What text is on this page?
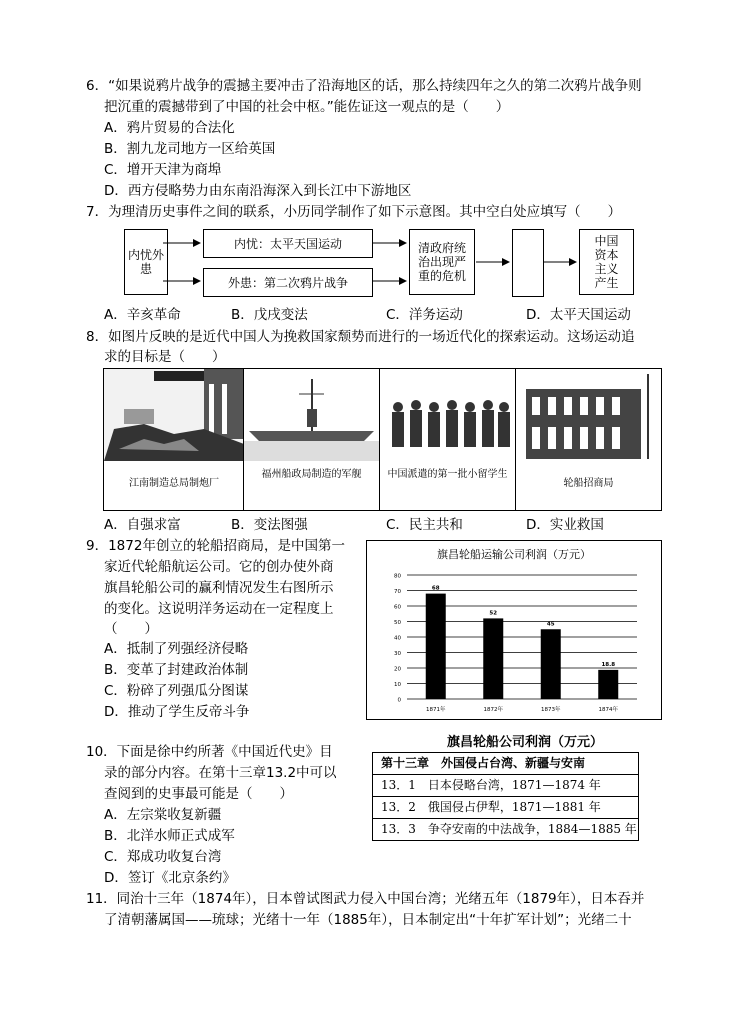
6．“如果说鸦片战争的震撼主要冲击了沿海地区的话，那么持续四年之久的第二次鸦片战争则
把沉重的震撼带到了中国的社会中枢。”能佐证这一观点的是（　　）
A．鸦片贸易的合法化
B．割九龙司地方一区给英国
C．增开天津为商埠
D．西方侵略势力由东南沿海深入到长江中下游地区
7．为理清历史事件之间的联系，小历同学制作了如下示意图。其中空白处应填写（　　）
内忧外患
内忧：太平天国运动
外患：第二次鸦片战争
清政府统治出现严重的危机
中国资本主义产生
A．辛亥革命	B．戊戌变法	C．洋务运动	D．太平天国运动
8．如图片反映的是近代中国人为挽救国家颓势而进行的一场近代化的探索运动。这场运动追
求的目标是（　　）
江南制造总局制炮厂
福州船政局制造的军舰	中国派遣的第一批小留学生
轮船招商局
A．自强求富	B．变法图强	C．民主共和	D．实业救国
9．1872年创立的轮船招商局，是中国第一
家近代轮船航运公司。它的创办使外商
旗昌轮船公司的赢利情况发生右图所示
的变化。这说明洋务运动在一定程度上
（　　）
A．抵制了列强经济侵略
B．变革了封建政治体制
C．粉碎了列强瓜分图谋
D．推动了学生反帝斗争
旗昌轮船运输公司利润（万元）
0
10
20
30
40
50
60
70
80
68
1871年
52
1872年
45
1873年
18.8
1874年
旗昌轮船公司利润（万元）
10．下面是徐中约所著《中国近代史》目
录的部分内容。在第十三章13.2中可以
查阅到的史事最可能是（　　）
A．左宗棠收复新疆
B．北洋水师正式成军
C．郑成功收复台湾
D．签订《北京条约》
第十三章　外国侵占台湾、新疆与安南
13．1　日本侵略台湾，1871—1874 年
13．2　俄国侵占伊犁，1871—1881 年
13．3　争夺安南的中法战争，1884—1885 年
11．同治十三年（1874年），日本曾试图武力侵入中国台湾；光绪五年（1879年），日本吞并
了清朝藩属国——琉球；光绪十一年（1885年），日本制定出“十年扩军计划”；光绪二十
